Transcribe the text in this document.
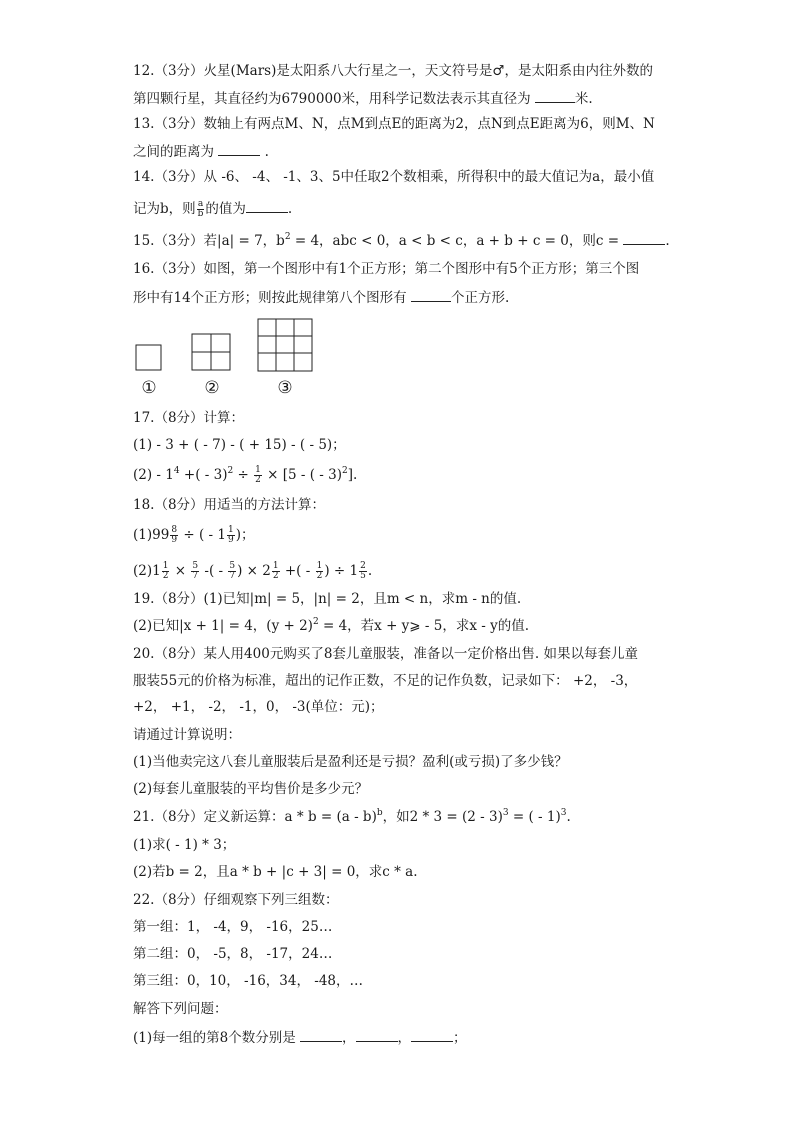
12.（3分）火星(Mars)是太阳系八大行星之一，天文符号是♂，是太阳系由内往外数的
第四颗行星，其直径约为6790000米，用科学记数法表示其直径为	米.
13.（3分）数轴上有两点M、N，点M到点E的距离为2，点N到点E距离为6，则M、N
之间的距离为	.
14.（3分）从 -6、 -4、 -1、3、5中任取2个数相乘，所得积中的最大值记为a，最小值
记为b，则 $\frac{a}{b}$ 的值为	.
15.（3分）若|a| = 7，$b^2 = 4$，abc < 0，a < b < c，a + b + c = 0，则c =	.
16.（3分）如图，第一个图形中有1个正方形；第二个图形中有5个正方形；第三个图
形中有14个正方形；则按此规律第八个图形有	个正方形.
①	②	③
17.（8分）计算：
(1) - 3 + ( - 7) - ( + 15) - ( - 5)；
$(2) - 1^4$ +( - $3)^2 \div \frac{1}{2} \times [5$ - ( - 3)$^2$].
18.（8分）用适当的方法计算：
$(1)99 \frac{8}{9}$ ÷ ( - $1 \frac{1}{9}$ )；
$(2)1 \frac{1}{2} \times \frac{5}{7}$ -( - $\frac{5}{7}$ ) × $2 \frac{1}{2}$ +( - $\frac{1}{2}$ ) ÷ $1 \frac{2}{5}$ .
19.（8分）(1)已知|m| = 5，|n| = 2，且m < n，求m - n的值.
(2)已知|x + 1| = 4，$(y + 2)^2 = 4$，若x + y⩾ - 5，求x - y的值.
20.（8分）某人用400元购买了8套儿童服装，准备以一定价格出售. 如果以每套儿童
服装55元的价格为标准，超出的记作正数，不足的记作负数，记录如下： +2， -3，
+2， +1， -2， -1，0， -3(单位：元)；
请通过计算说明：
(1)当他卖完这八套儿童服装后是盈利还是亏损？盈利(或亏损)了多少钱？
(2)每套儿童服装的平均售价是多少元？
21.（8分）定义新运算：a * b = (a - b)$^b$，如2 * 3 = (2 - 3)$^3$ = ( - 1)$^3$.
(1)求( - 1) * 3；
(2)若b = 2，且a * b + |c + 3| = 0，求c * a.
22.（8分）仔细观察下列三组数：
第一组：1， -4，9， -16，25…
第二组：0， -5，8， -17，24…
第三组：0，10， -16，34， -48，…
解答下列问题：
(1)每一组的第8个数分别是	，	，	；
